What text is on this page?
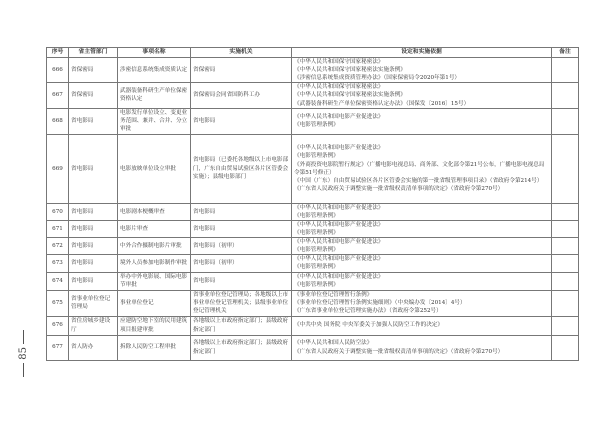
85
序号	省主管部门	事项名称	实施机关	设定和实施依据	备注
666	省保密局	涉密信息系统集成资质认定	省保密局	《中华人民共和国保守国家秘密法》
《中华人民共和国保守国家秘密法实施条例》
《涉密信息系统集成资质管理办法》（国家保密局令2020年第1号）	

667	省保密局	武器装备科研生产单位保密资格认定	省保密局会同省国防科工办	《中华人民共和国保守国家秘密法》
《中华人民共和国保守国家秘密法实施条例》
《武器装备科研生产单位保密资格认定办法》（国保发〔2016〕15号）	

668	省电影局	电影发行单位设立、变更业务范围、兼并、合并、分立审批	省电影局	《中华人民共和国电影产业促进法》
《电影管理条例》	

669	省电影局	电影放映单位设立审批	省电影局（已委托各地级以上市电影部门，广东自由贸易试验区各片区管委会实施）；县级电影部门	《中华人民共和国电影产业促进法》
《电影管理条例》
《外商投资电影院暂行规定》（广播电影电视总局、商务部、文化部令第21号公布，广播电影电视总局令第51号修正）
《中国（广东）自由贸易试验区各片区管委会实施的第一批省级管理事项目录》（省政府令第214号）
《广东省人民政府关于调整实施一批省级权责清单事项的决定》（省政府令第270号）	

670	省电影局	电影剧本梗概审查	省电影局	《中华人民共和国电影产业促进法》
《电影管理条例》	

671	省电影局	电影片审查	省电影局	《中华人民共和国电影产业促进法》
《电影管理条例》	

672	省电影局	中外合作摄制电影片审批	省电影局（初审）	《中华人民共和国电影产业促进法》
《电影管理条例》	

673	省电影局	境外人员参加电影制作审批	省电影局（初审）	《中华人民共和国电影产业促进法》
《电影管理条例》	

674	省电影局	举办中外电影展、国际电影节审批	省电影局	《中华人民共和国电影产业促进法》
《电影管理条例》	

675	省事业单位登记管理局	事业单位登记	省事业单位登记管理局；各地级以上市事业单位登记管理机关；县级事业单位登记管理机关	《事业单位登记管理暂行条例》
《事业单位登记管理暂行条例实施细则》（中央编办发〔2014〕4号）
《广东省事业单位登记管理实施办法》（省政府令第252号）	

676	省住房城乡建设厅	应建防空地下室的民用建筑项目报建审批	各地级以上市政府指定部门；县级政府指定部门	《中共中央 国务院 中央军委关于加强人民防空工作的决定》	

677	省人防办	拆除人民防空工程审批	各地级以上市政府指定部门；县级政府指定部门	《中华人民共和国人民防空法》
《广东省人民政府关于调整实施一批省级权责清单事项的决定》（省政府令第270号）	
